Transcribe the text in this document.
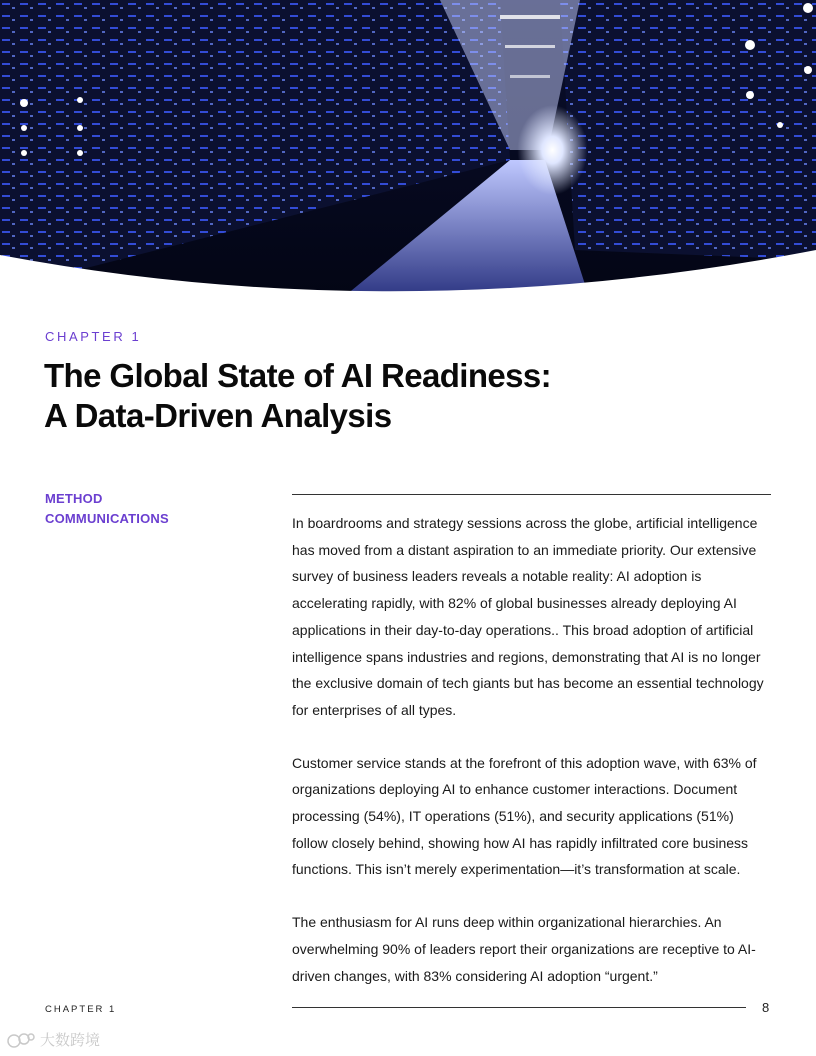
CHAPTER 1
The Global State of AI Readiness:
A Data-Driven Analysis
METHOD
COMMUNICATIONS	In boardrooms and strategy sessions across the globe, artificial intelligence has moved from a distant aspiration to an immediate priority. Our extensive survey of business leaders reveals a notable reality: AI adoption is accelerating rapidly, with 82% of global businesses already deploying AI applications in their day-to-day operations.. This broad adoption of artificial intelligence spans industries and regions, demonstrating that AI is no longer the exclusive domain of tech giants but has become an essential technology for enterprises of all types.

Customer service stands at the forefront of this adoption wave, with 63% of organizations deploying AI to enhance customer interactions. Document processing (54%), IT operations (51%), and security applications (51%) follow closely behind, showing how AI has rapidly infiltrated core business functions. This isn’t merely experimentation—it’s transformation at scale.

The enthusiasm for AI runs deep within organizational hierarchies. An overwhelming 90% of leaders report their organizations are receptive to AI-driven changes, with 83% considering AI adoption “urgent.”

CHAPTER 1	8
大数跨境
